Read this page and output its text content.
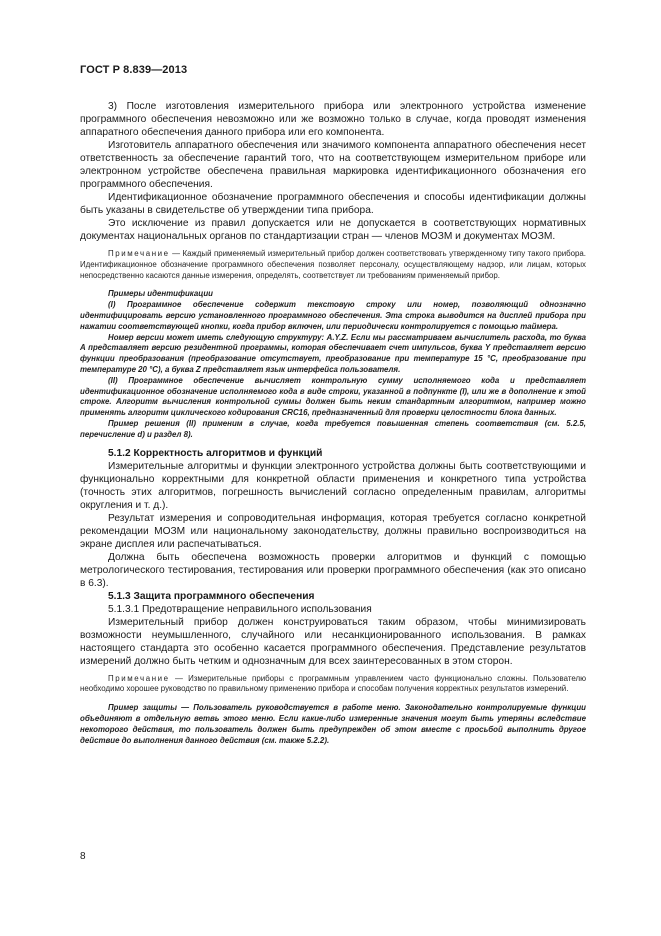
ГОСТ Р 8.839—2013

3) После изготовления измерительного прибора или электронного устройства изменение программного обеспечения невозможно или же возможно только в случае, когда проводят изменения аппаратного обеспечения данного прибора или его компонента.

Изготовитель аппаратного обеспечения или значимого компонента аппаратного обеспечения несет ответственность за обеспечение гарантий того, что на соответствующем измерительном приборе или электронном устройстве обеспечена правильная маркировка идентификационного обозначения его программного обеспечения.

Идентификационное обозначение программного обеспечения и способы идентификации должны быть указаны в свидетельстве об утверждении типа прибора.

Это исключение из правил допускается или не допускается в соответствующих нормативных документах национальных органов по стандартизации стран — членов МОЗМ и документах МОЗМ.

Примечание — Каждый применяемый измерительный прибор должен соответствовать утвержденному типу такого прибора. Идентификационное обозначение программного обеспечения позволяет персоналу, осуществляющему надзор, или лицам, которых непосредственно касаются данные измерения, определять, соответствует ли требованиям применяемый прибор.

Примеры идентификации

(I) Программное обеспечение содержит текстовую строку или номер, позволяющий однозначно идентифицировать версию установленного программного обеспечения. Эта строка выводится на дисплей прибора при нажатии соответствующей кнопки, когда прибор включен, или периодически контролируется с помощью таймера.

Номер версии может иметь следующую структуру: A.Y.Z. Если мы рассматриваем вычислитель расхода, то буква A представляет версию резидентной программы, которая обеспечивает счет импульсов, буква Y представляет версию функции преобразования (преобразование отсутствует, преобразование при температуре 15 °С, преобразование при температуре 20 °С), а буква Z представляет язык интерфейса пользователя.

(II) Программное обеспечение вычисляет контрольную сумму исполняемого кода и представляет идентификационное обозначение исполняемого кода в виде строки, указанной в подпункте (I), или же в дополнение к этой строке. Алгоритм вычисления контрольной суммы должен быть неким стандартным алгоритмом, например можно применять алгоритм циклического кодирования CRC16, предназначенный для проверки целостности блока данных.

Пример решения (II) применим в случае, когда требуется повышенная степень соответствия (см. 5.2.5, перечисление d) и раздел 8).

5.1.2 Корректность алгоритмов и функций

Измерительные алгоритмы и функции электронного устройства должны быть соответствующими и функционально корректными для конкретной области применения и конкретного типа устройства (точность этих алгоритмов, погрешность вычислений согласно определенным правилам, алгоритмы округления и т. д.).

Результат измерения и сопроводительная информация, которая требуется согласно конкретной рекомендации МОЗМ или национальному законодательству, должны правильно воспроизводиться на экране дисплея или распечатываться.

Должна быть обеспечена возможность проверки алгоритмов и функций с помощью метрологического тестирования, тестирования или проверки программного обеспечения (как это описано в 6.3).

5.1.3 Защита программного обеспечения

5.1.3.1 Предотвращение неправильного использования

Измерительный прибор должен конструироваться таким образом, чтобы минимизировать возможности неумышленного, случайного или несанкционированного использования. В рамках настоящего стандарта это особенно касается программного обеспечения. Представление результатов измерений должно быть четким и однозначным для всех заинтересованных в этом сторон.

Примечание — Измерительные приборы с программным управлением часто функционально сложны. Пользователю необходимо хорошее руководство по правильному применению прибора и способам получения корректных результатов измерений.

Пример защиты — Пользователь руководствуется в работе меню. Законодательно контролируемые функции объединяют в отдельную ветвь этого меню. Если какие-либо измеренные значения могут быть утеряны вследствие некоторого действия, то пользователь должен быть предупрежден об этом вместе с просьбой выполнить другое действие до выполнения данного действия (см. также 5.2.2).

8
